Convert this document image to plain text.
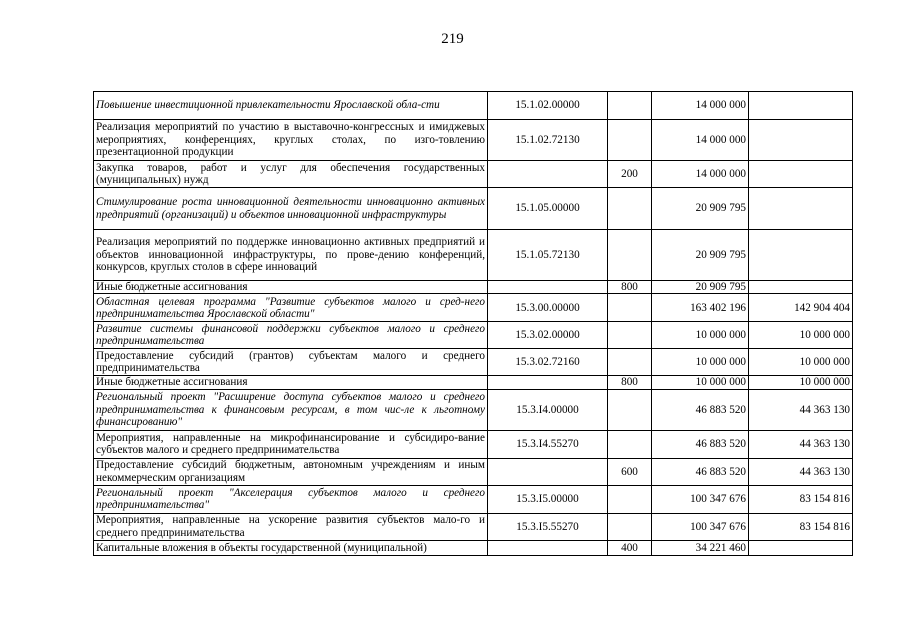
219
Повышение инвестиционной привлекательности Ярославской обла-сти	15.1.02.00000		14 000 000	
Реализация мероприятий по участию в выставочно-конгрессных и имиджевых мероприятиях, конференциях, круглых столах, по изго-товлению презентационной продукции	15.1.02.72130		14 000 000	
Закупка товаров, работ и услуг для обеспечения государственных (муниципальных) нужд		200	14 000 000	
Стимулирование роста инновационной деятельности инновационно активных предприятий (организаций) и объектов инновационной инфраструктуры	15.1.05.00000		20 909 795	
Реализация мероприятий по поддержке инновационно активных предприятий и объектов инновационной инфраструктуры, по прове-дению конференций, конкурсов, круглых столов в сфере инноваций	15.1.05.72130		20 909 795	
Иные бюджетные ассигнования		800	20 909 795	
Областная целевая программа "Развитие субъектов малого и сред-него предпринимательства Ярославской области"	15.3.00.00000		163 402 196	142 904 404
Развитие системы финансовой поддержки субъектов малого и среднего предпринимательства	15.3.02.00000		10 000 000	10 000 000
Предоставление субсидий (грантов) субъектам малого и среднего предпринимательства	15.3.02.72160		10 000 000	10 000 000
Иные бюджетные ассигнования		800	10 000 000	10 000 000
Региональный проект "Расширение доступа субъектов малого и среднего предпринимательства к финансовым ресурсам, в том чис-ле к льготному финансированию"	15.3.I4.00000		46 883 520	44 363 130
Мероприятия, направленные на микрофинансирование и субсидиро-вание субъектов малого и среднего предпринимательства	15.3.I4.55270		46 883 520	44 363 130
Предоставление субсидий бюджетным, автономным учреждениям и иным некоммерческим организациям		600	46 883 520	44 363 130
Региональный проект "Акселерация субъектов малого и среднего предпринимательства"	15.3.I5.00000		100 347 676	83 154 816
Мероприятия, направленные на ускорение развития субъектов мало-го и среднего предпринимательства	15.3.I5.55270		100 347 676	83 154 816
Капитальные вложения в объекты государственной (муниципальной)		400	34 221 460	
